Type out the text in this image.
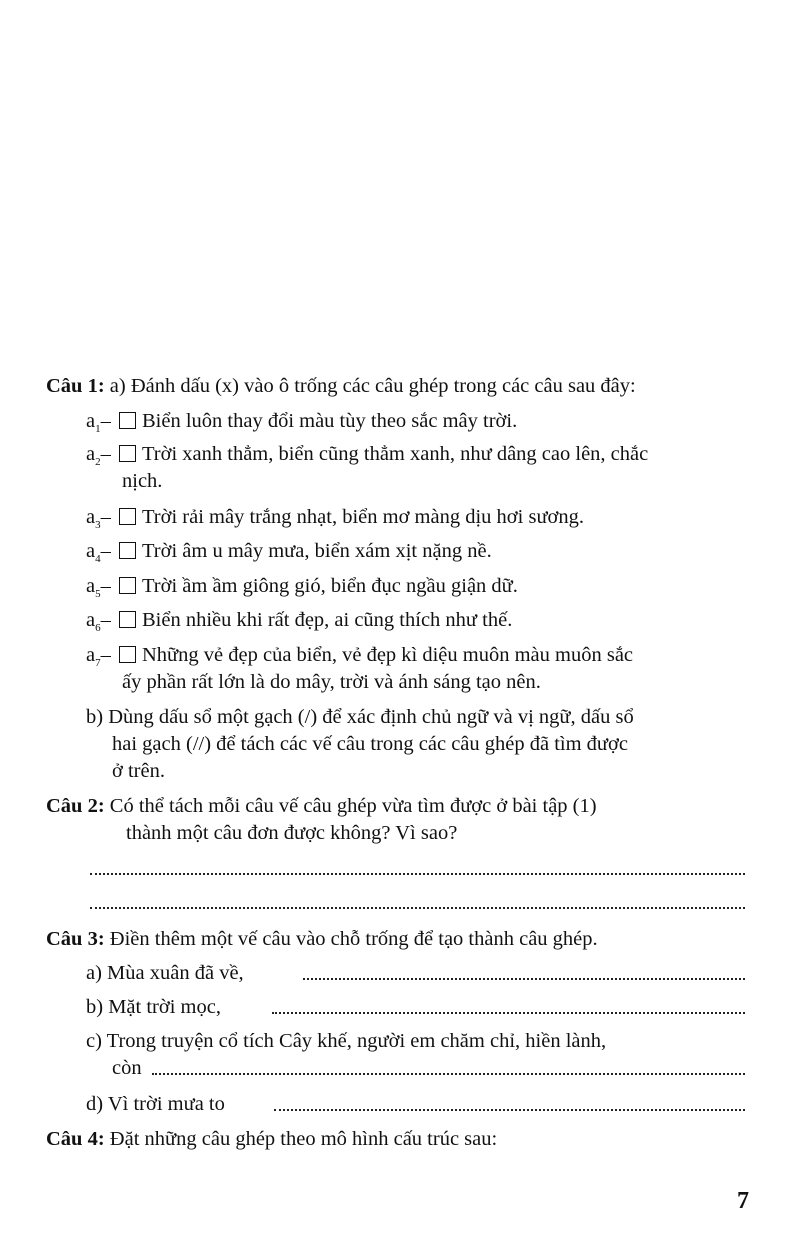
Câu 1: a) Đánh dấu (x) vào ô trống các câu ghép trong các câu sau đây:
$a_1-$ Biển luôn thay đổi màu tùy theo sắc mây trời.
$a_2-$ Trời xanh thẳm, biển cũng thẳm xanh, như dâng cao lên, chắc
nịch.
$a_3-$ Trời rải mây trắng nhạt, biển mơ màng dịu hơi sương.
$a_4-$ Trời âm u mây mưa, biển xám xịt nặng nề.
$a_5-$ Trời ầm ầm giông gió, biển đục ngầu giận dữ.
$a_6-$ Biển nhiều khi rất đẹp, ai cũng thích như thế.
$a_7-$ Những vẻ đẹp của biển, vẻ đẹp kì diệu muôn màu muôn sắc
ấy phần rất lớn là do mây, trời và ánh sáng tạo nên.
b) Dùng dấu sổ một gạch (/) để xác định chủ ngữ và vị ngữ, dấu sổ
hai gạch (//) để tách các vế câu trong các câu ghép đã tìm được
ở trên.
Câu 2: Có thể tách mỗi câu vế câu ghép vừa tìm được ở bài tập (1)
thành một câu đơn được không? Vì sao?
Câu 3: Điền thêm một vế câu vào chỗ trống để tạo thành câu ghép.
a) Mùa xuân đã về,
b) Mặt trời mọc,
c) Trong truyện cổ tích Cây khế, người em chăm chỉ, hiền lành,
còn
d) Vì trời mưa to
Câu 4: Đặt những câu ghép theo mô hình cấu trúc sau:
7
